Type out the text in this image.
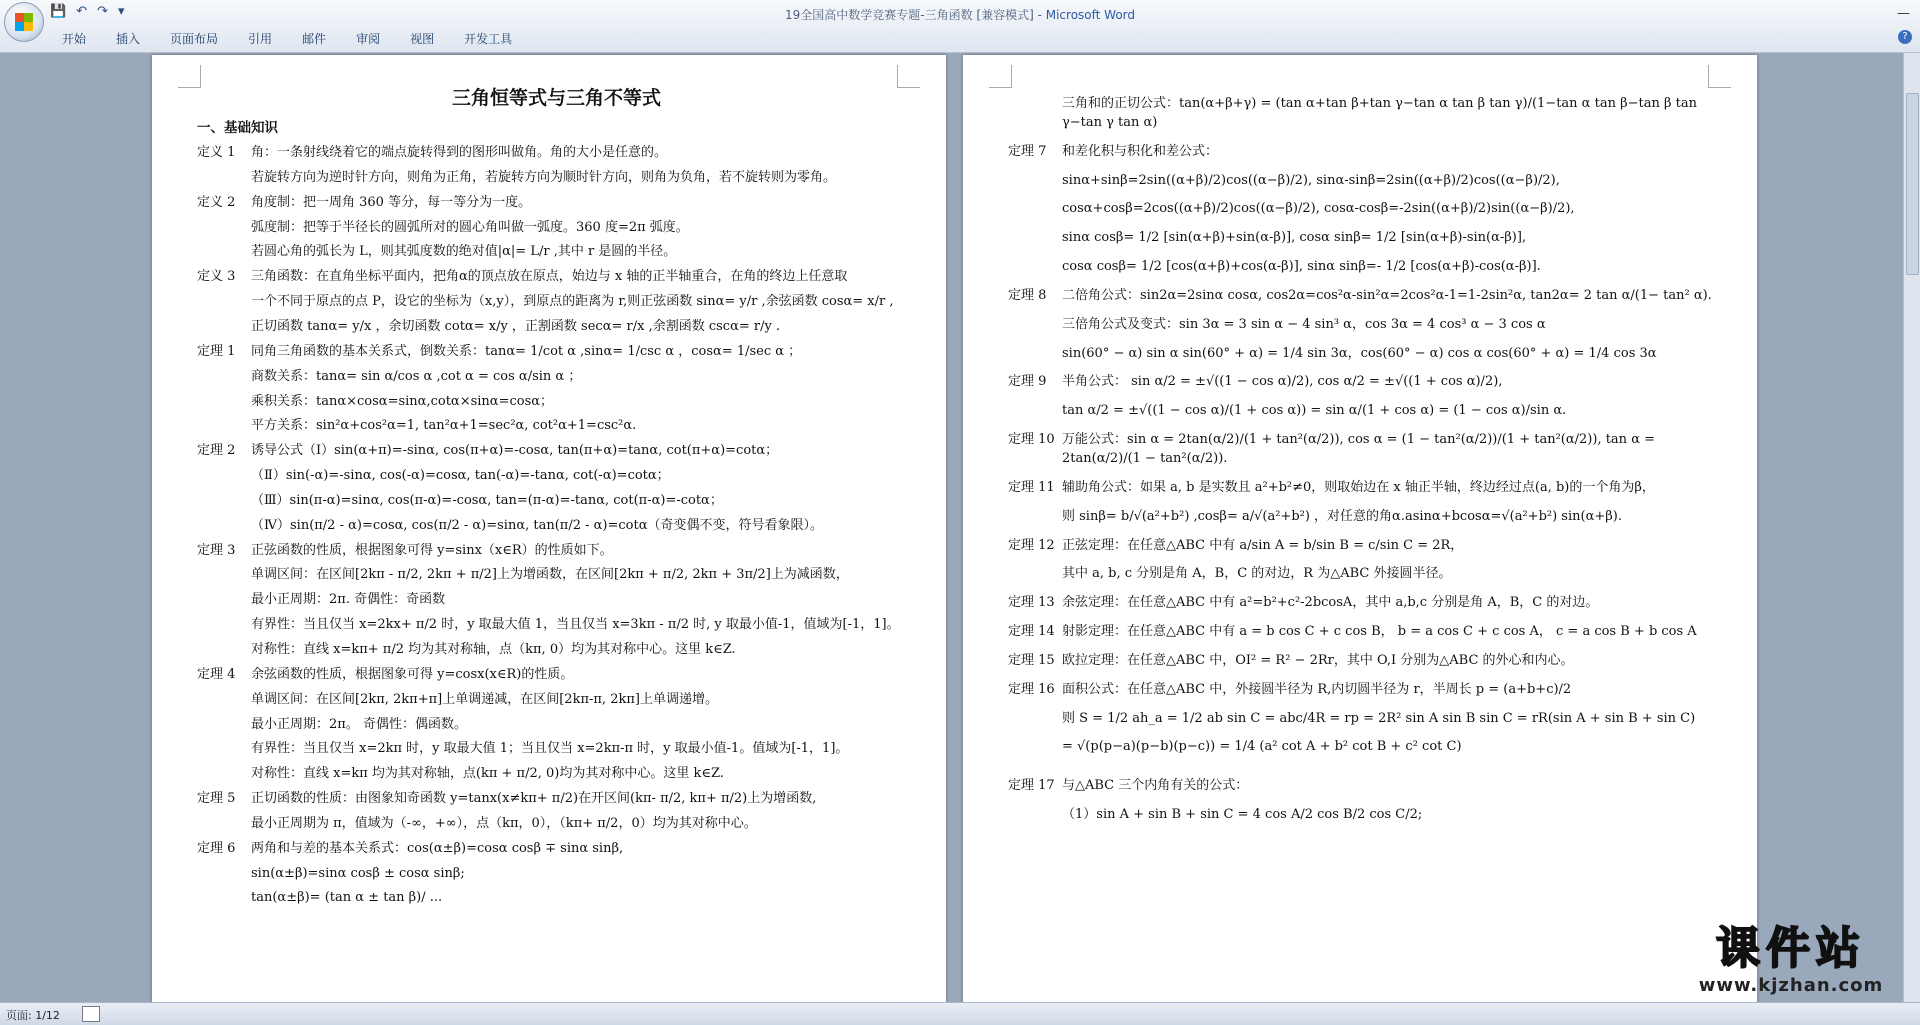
💾 ↶ ↷ ▾	19全国高中数学竞赛专题-三角函数 [兼容模式] - Microsoft Word	—
开始	插入	页面布局	引用	邮件	审阅	视图	开发工具	?
三角恒等式与三角不等式
一、基础知识
定义 1	角：一条射线绕着它的端点旋转得到的图形叫做角。角的大小是任意的。
若旋转方向为逆时针方向，则角为正角，若旋转方向为顺时针方向，则角为负角，若不旋转则为零角。
定义 2	角度制：把一周角 360 等分，每一等分为一度。
弧度制：把等于半径长的圆弧所对的圆心角叫做一弧度。360 度=2π 弧度。
若圆心角的弧长为 L，则其弧度数的绝对值|α|= L/r ,其中 r 是圆的半径。
定义 3	三角函数：在直角坐标平面内，把角α的顶点放在原点，始边与 x 轴的正半轴重合，在角的终边上任意取
一个不同于原点的点 P，设它的坐标为（x,y），到原点的距离为 r,则正弦函数 sinα= y/r ,余弦函数 cosα= x/r ,
正切函数 tanα= y/x ，余切函数 cotα= x/y ，正割函数 secα= r/x ,余割函数 cscα= r/y .
定理 1	同角三角函数的基本关系式，倒数关系：tanα= 1/cot α ,sinα= 1/csc α ，cosα= 1/sec α ；
商数关系：tanα= sin α/cos α ,cot α = cos α/sin α ；
乘积关系：tanα×cosα=sinα,cotα×sinα=cosα；
平方关系：sin²α+cos²α=1, tan²α+1=sec²α, cot²α+1=csc²α.
定理 2	诱导公式（Ⅰ）sin(α+π)=-sinα, cos(π+α)=-cosα, tan(π+α)=tanα, cot(π+α)=cotα；
（Ⅱ）sin(-α)=-sinα, cos(-α)=cosα, tan(-α)=-tanα, cot(-α)=cotα；
（Ⅲ）sin(π-α)=sinα, cos(π-α)=-cosα, tan=(π-α)=-tanα, cot(π-α)=-cotα；
（Ⅳ）sin(π/2 - α)=cosα, cos(π/2 - α)=sinα, tan(π/2 - α)=cotα（奇变偶不变，符号看象限）。
定理 3	正弦函数的性质，根据图象可得 y=sinx（x∈R）的性质如下。
单调区间：在区间[2kπ - π/2, 2kπ + π/2]上为增函数，在区间[2kπ + π/2, 2kπ + 3π/2]上为减函数，
最小正周期：2π. 奇偶性：奇函数
有界性：当且仅当 x=2kx+ π/2 时，y 取最大值 1，当且仅当 x=3kπ - π/2 时, y 取最小值-1，值域为[-1，1]。
对称性：直线 x=kπ+ π/2 均为其对称轴，点（kπ, 0）均为其对称中心。这里 k∈Z.
定理 4	余弦函数的性质，根据图象可得 y=cosx(x∈R)的性质。
单调区间：在区间[2kπ, 2kπ+π]上单调递减，在区间[2kπ-π, 2kπ]上单调递增。
最小正周期：2π。 奇偶性：偶函数。
有界性：当且仅当 x=2kπ 时，y 取最大值 1；当且仅当 x=2kπ-π 时，y 取最小值-1。值域为[-1，1]。
对称性：直线 x=kπ 均为其对称轴，点(kπ + π/2, 0)均为其对称中心。这里 k∈Z.
定理 5	正切函数的性质：由图象知奇函数 y=tanx(x≠kπ+ π/2)在开区间(kπ- π/2, kπ+ π/2)上为增函数,
最小正周期为 π，值域为（-∞，+∞），点（kπ，0），（kπ+ π/2，0）均为其对称中心。
定理 6	两角和与差的基本关系式：cos(α±β)=cosα cosβ ∓ sinα sinβ,
sin(α±β)=sinα cosβ ± cosα sinβ;
tan(α±β)= (tan α ± tan β)/ ...
三角和的正切公式：tan(α+β+γ) = (tan α+tan β+tan γ−tan α tan β tan γ)/(1−tan α tan β−tan β tan γ−tan γ tan α)
定理 7	和差化积与积化和差公式：
sinα+sinβ=2sin((α+β)/2)cos((α−β)/2), sinα-sinβ=2sin((α+β)/2)cos((α−β)/2),
cosα+cosβ=2cos((α+β)/2)cos((α−β)/2), cosα-cosβ=-2sin((α+β)/2)sin((α−β)/2),
sinα cosβ= 1/2 [sin(α+β)+sin(α-β)], cosα sinβ= 1/2 [sin(α+β)-sin(α-β)],
cosα cosβ= 1/2 [cos(α+β)+cos(α-β)], sinα sinβ=- 1/2 [cos(α+β)-cos(α-β)].
定理 8	二倍角公式：sin2α=2sinα cosα, cos2α=cos²α-sin²α=2cos²α-1=1-2sin²α, tan2α= 2 tan α/(1− tan² α).
三倍角公式及变式：sin 3α = 3 sin α − 4 sin³ α，cos 3α = 4 cos³ α − 3 cos α
sin(60° − α) sin α sin(60° + α) = 1/4 sin 3α，cos(60° − α) cos α cos(60° + α) = 1/4 cos 3α
定理 9	半角公式： sin α/2 = ±√((1 − cos α)/2), cos α/2 = ±√((1 + cos α)/2),
tan α/2 = ±√((1 − cos α)/(1 + cos α)) = sin α/(1 + cos α) = (1 − cos α)/sin α.
定理 10 万能公式：sin α = 2tan(α/2)/(1 + tan²(α/2)), cos α = (1 − tan²(α/2))/(1 + tan²(α/2)), tan α = 2tan(α/2)/(1 − tan²(α/2)).
定理 11 辅助角公式：如果 a, b 是实数且 a²+b²≠0，则取始边在 x 轴正半轴，终边经过点(a, b)的一个角为β，
则 sinβ= b/√(a²+b²) ,cosβ= a/√(a²+b²) ，对任意的角α.asinα+bcosα=√(a²+b²) sin(α+β).
定理 12 正弦定理：在任意△ABC 中有 a/sin A = b/sin B = c/sin C = 2R，
其中 a, b, c 分别是角 A，B，C 的对边，R 为△ABC 外接圆半径。
定理 13 余弦定理：在任意△ABC 中有 a²=b²+c²-2bcosA，其中 a,b,c 分别是角 A，B，C 的对边。
定理 14 射影定理：在任意△ABC 中有 a = b cos C + c cos B， b = a cos C + c cos A， c = a cos B + b cos A
定理 15 欧拉定理：在任意△ABC 中，OI² = R² − 2Rr，其中 O,I 分别为△ABC 的外心和内心。
定理 16 面积公式：在任意△ABC 中，外接圆半径为 R,内切圆半径为 r，半周长 p = (a+b+c)/2
则 S = 1/2 ah_a = 1/2 ab sin C = abc/4R = rp = 2R² sin A sin B sin C = rR(sin A + sin B + sin C)
= √(p(p−a)(p−b)(p−c)) = 1/4 (a² cot A + b² cot B + c² cot C)
定理 17 与△ABC 三个内角有关的公式：
（1）sin A + sin B + sin C = 4 cos A/2 cos B/2 cos C/2;
课件站
www.kjzhan.com
页面: 1/12
